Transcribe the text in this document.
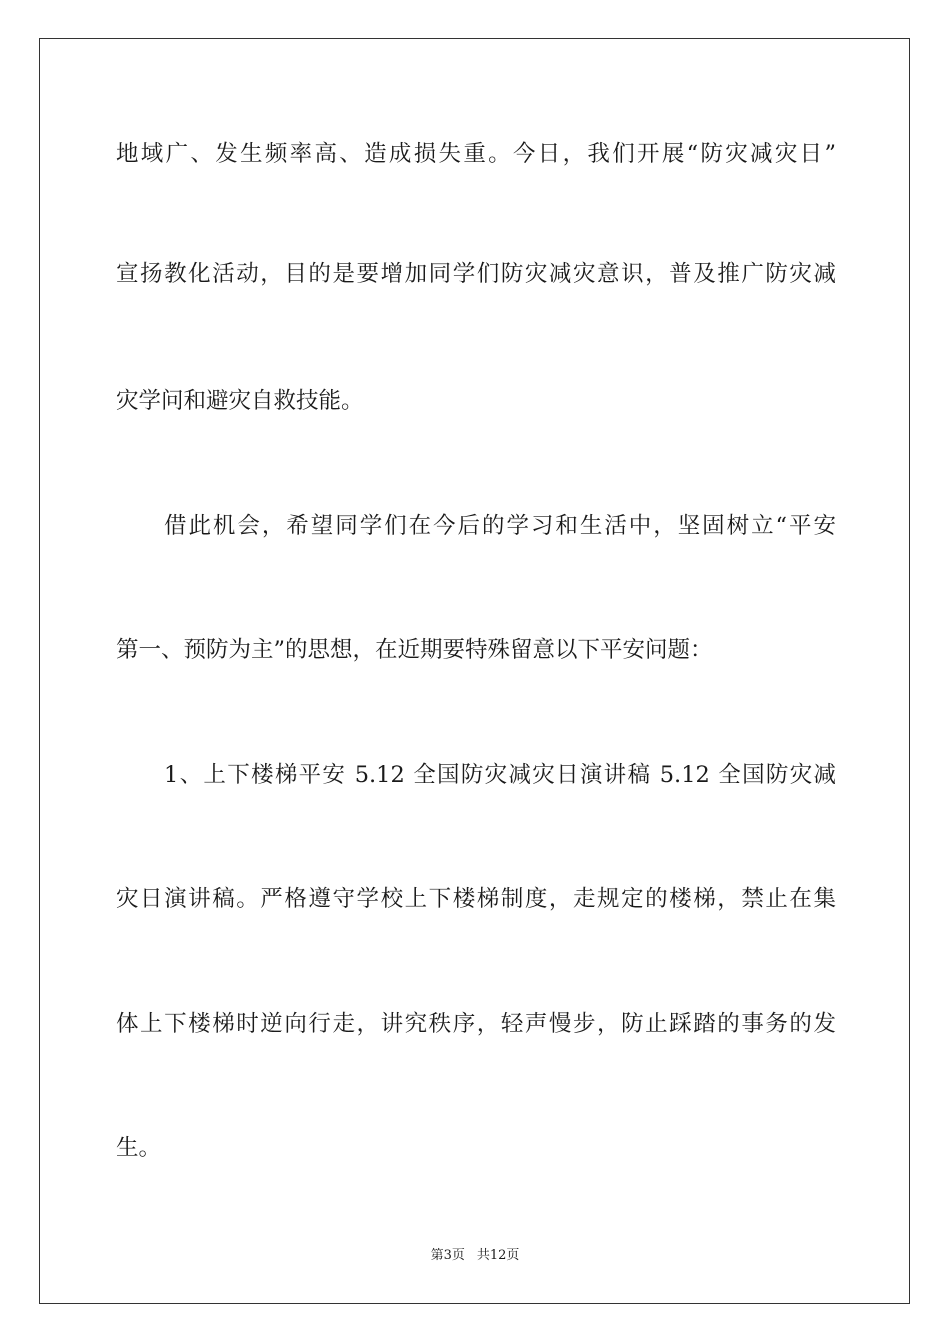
地域广、发生频率高、造成损失重。今日，我们开展“防灾减灾日”

宣扬教化活动，目的是要增加同学们防灾减灾意识，普及推广防灾减

灾学问和避灾自救技能。

借此机会，希望同学们在今后的学习和生活中，坚固树立“平安

第一、预防为主”的思想，在近期要特殊留意以下平安问题：

1、上下楼梯平安 5.12 全国防灾减灾日演讲稿 5.12 全国防灾减

灾日演讲稿。严格遵守学校上下楼梯制度，走规定的楼梯，禁止在集

体上下楼梯时逆向行走，讲究秩序，轻声慢步，防止踩踏的事务的发

生。

第3页 共12页
